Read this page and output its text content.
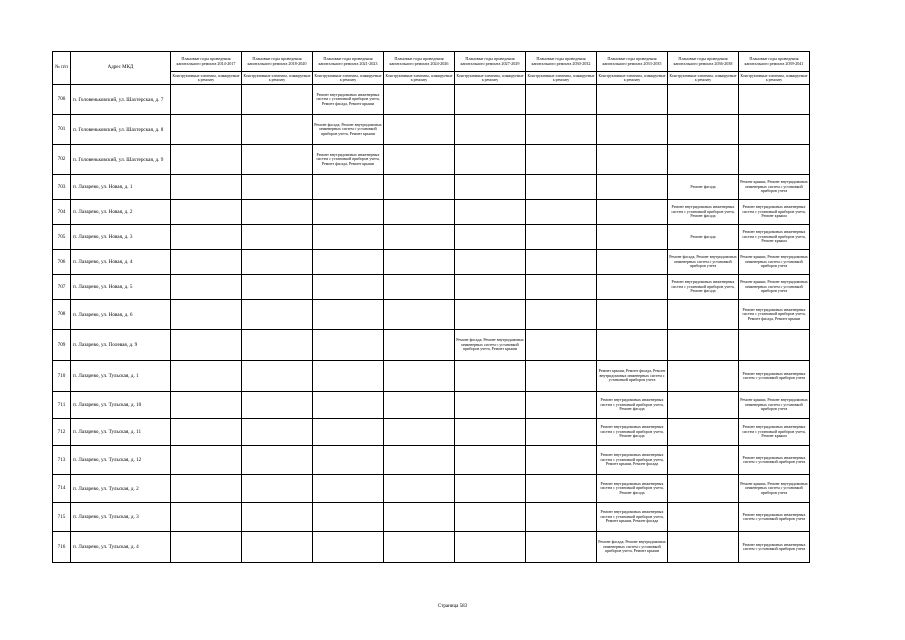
№ п/п	Адрес МКД	Плановые годы проведения капитального ремонта 2014-2017	Плановые годы проведения капитального ремонта 2018-2020	Плановые годы проведения капитального ремонта 2021-2023	Плановые годы проведения капитального ремонта 2024-2026	Плановые годы проведения капитального ремонта 2027-2029	Плановые годы проведения капитального ремонта 2030-2032	Плановые годы проведения капитального ремонта 2033-2035	Плановые годы проведения капитального ремонта 2036-2038	Плановые годы проведения капитального ремонта 2039-2041
		Конструктивные элементы, планируемые к ремонту	Конструктивные элементы, планируемые к ремонту	Конструктивные элементы, планируемые к ремонту	Конструктивные элементы, планируемые к ремонту	Конструктивные элементы, планируемые к ремонту	Конструктивные элементы, планируемые к ремонту	Конструктивные элементы, планируемые к ремонту	Конструктивные элементы, планируемые к ремонту	Конструктивные элементы, планируемые к ремонту
700	п. Головеньковский, ул. Шахтерская, д. 7			Ремонт внутридомовых инженерных систем с установкой приборов учета, Ремонт фасада, Ремонт крыши						
701	п. Головеньковский, ул. Шахтерская, д. 8			Ремонт фасада, Ремонт внутридомовых инженерных систем с установкой приборов учета, Ремонт крыши						
702	п. Головеньковский, ул. Шахтерская, д. 9			Ремонт внутридомовых инженерных систем с установкой приборов учета, Ремонт фасада, Ремонт крыши						
703	п. Лазарево, ул. Новая, д. 1								Ремонт фасада	Ремонт крыши, Ремонт внутридомовых инженерных систем с установкой приборов учета
704	п. Лазарево, ул. Новая, д. 2								Ремонт внутридомовых инженерных систем с установкой приборов учета, Ремонт фасада	Ремонт внутридомовых инженерных систем с установкой приборов учета, Ремонт крыши
705	п. Лазарево, ул. Новая, д. 3								Ремонт фасада	Ремонт внутридомовых инженерных систем с установкой приборов учета, Ремонт крыши
706	п. Лазарево, ул. Новая, д. 4								Ремонт фасада, Ремонт внутридомовых инженерных систем с установкой приборов учета	Ремонт крыши, Ремонт внутридомовых инженерных систем с установкой приборов учета
707	п. Лазарево, ул. Новая, д. 5								Ремонт внутридомовых инженерных систем с установкой приборов учета, Ремонт фасада	Ремонт крыши, Ремонт внутридомовых инженерных систем с установкой приборов учета
708	п. Лазарево, ул. Новая, д. 6									Ремонт внутридомовых инженерных систем с установкой приборов учета, Ремонт фасада, Ремонт крыши
709	п. Лазарево, ул. Полевая, д. 9					Ремонт фасада, Ремонт внутридомовых инженерных систем с установкой приборов учета, Ремонт крыши				
710	п. Лазарево, ул. Тульская, д. 1							Ремонт крыши, Ремонт фасада, Ремонт внутридомовых инженерных систем с установкой приборов учета		Ремонт внутридомовых инженерных систем с установкой приборов учета
711	п. Лазарево, ул. Тульская, д. 10							Ремонт внутридомовых инженерных систем с установкой приборов учета, Ремонт фасада		Ремонт крыши, Ремонт внутридомовых инженерных систем с установкой приборов учета
712	п. Лазарево, ул. Тульская, д. 11							Ремонт внутридомовых инженерных систем с установкой приборов учета, Ремонт фасада		Ремонт внутридомовых инженерных систем с установкой приборов учета, Ремонт крыши
713	п. Лазарево, ул. Тульская, д. 12							Ремонт внутридомовых инженерных систем с установкой приборов учета, Ремонт крыши, Ремонт фасада		Ремонт внутридомовых инженерных систем с установкой приборов учета
714	п. Лазарево, ул. Тульская, д. 2							Ремонт внутридомовых инженерных систем с установкой приборов учета, Ремонт фасада		Ремонт крыши, Ремонт внутридомовых инженерных систем с установкой приборов учета
715	п. Лазарево, ул. Тульская, д. 3							Ремонт внутридомовых инженерных систем с установкой приборов учета, Ремонт крыши, Ремонт фасада		Ремонт внутридомовых инженерных систем с установкой приборов учета
716	п. Лазарево, ул. Тульская, д. 4							Ремонт фасада, Ремонт внутридомовых инженерных систем с установкой приборов учета, Ремонт крыши		Ремонт внутридомовых инженерных систем с установкой приборов учета
Страница 583
